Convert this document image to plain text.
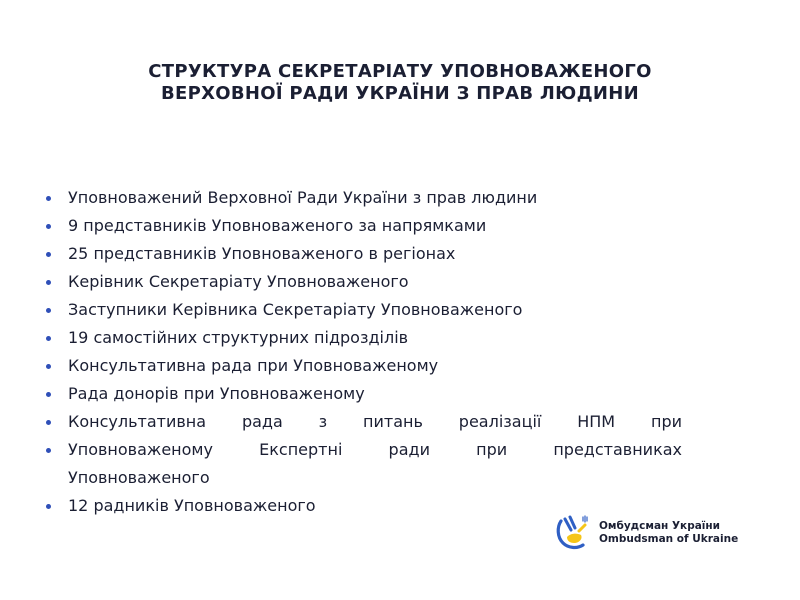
СТРУКТУРА СЕКРЕТАРІАТУ УПОВНОВАЖЕНОГО
ВЕРХОВНОЇ РАДИ УКРАЇНИ З ПРАВ ЛЮДИНИ
Уповноважений Верховної Ради України з прав людини
9 представників Уповноваженого за напрямками
25 представників Уповноваженого в регіонах
Керівник Секретаріату Уповноваженого
Заступники Керівника Секретаріату Уповноваженого
19 самостійних структурних підрозділів
Консультативна рада при Уповноваженому
Рада донорів при Уповноваженому
Консультативна рада з питань реалізації НПМ при
Уповноваженому Експертні ради при представниках
Уповноваженого
12 радників Уповноваженого
Омбудсман України
Ombudsman of Ukraine
